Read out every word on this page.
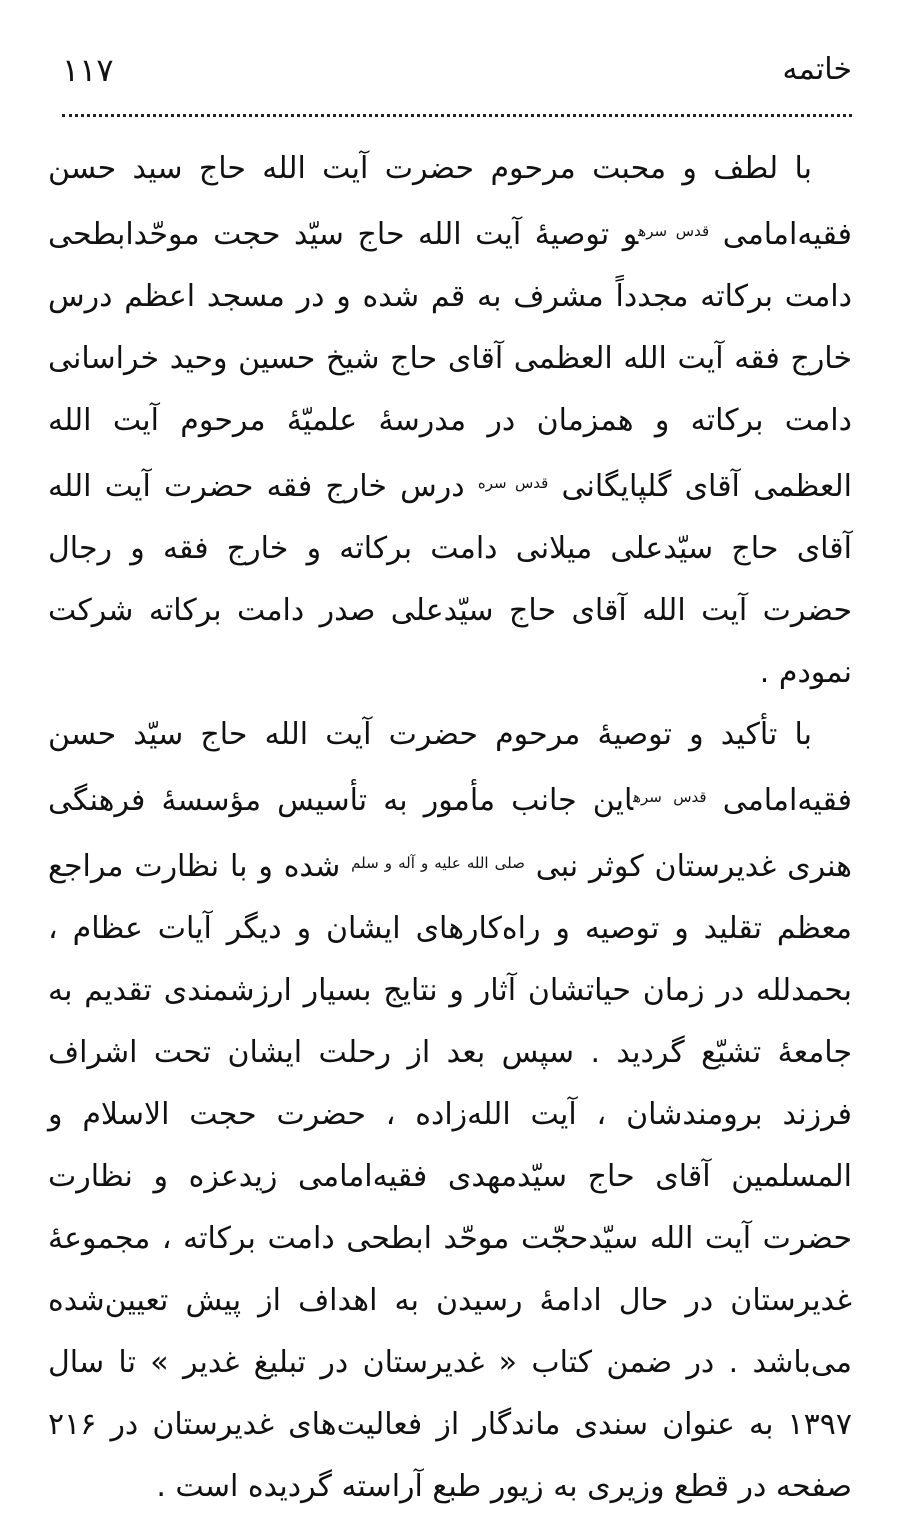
خاتمه
۱۱۷

با لطف و محبت مرحوم حضرت آیت الله حاج سید حسن فقیه‌امامی $^{قدس سره}$و توصیهٔ آیت الله حاج سیّد حجت موحّدابطحی دامت برکاته مجدداً مشرف به قم شده و در مسجد اعظم درس خارج فقه آیت الله العظمی آقای حاج شیخ حسین وحید خراسانی دامت برکاته و همزمان در مدرسهٔ علمیّهٔ مرحوم آیت الله العظمی آقای گلپایگانی $^{قدس سره}$ درس خارج فقه حضرت آیت الله آقای حاج سیّدعلی میلانی دامت برکاته و خارج فقه و رجال حضرت آیت الله آقای حاج سیّدعلی صدر دامت برکاته شرکت نمودم .

با تأکید و توصیهٔ مرحوم حضرت آیت الله حاج سیّد حسن فقیه‌امامی $^{قدس سره}$این جانب مأمور به تأسیس مؤسسهٔ فرهنگی هنری غدیرستان کوثر نبی $^{صلی الله علیه و آله و سلم}$ شده و با نظارت مراجع معظم تقلید و توصیه و راه‌کارهای ایشان و دیگر آیات عظام ، بحمدلله در زمان حیاتشان آثار و نتایج بسیار ارزشمندی تقدیم به جامعهٔ تشیّع گردید . سپس بعد از رحلت ایشان تحت اشراف فرزند برومندشان ، آیت الله‌زاده ، حضرت حجت الاسلام و المسلمین آقای حاج سیّدمهدی فقیه‌امامی زیدعزه و نظارت حضرت آیت الله سیّدحجّت موحّد ابطحی دامت برکاته ، مجموعهٔ غدیرستان در حال ادامهٔ رسیدن به اهداف از پیش تعیین‌شده می‌باشد . در ضمن کتاب « غدیرستان در تبلیغ غدیر » تا سال ۱۳۹۷ به عنوان سندی ماندگار از فعالیت‌های غدیرستان در ۲۱۶ صفحه در قطع وزیری به زیور طبع آراسته گردیده است .
